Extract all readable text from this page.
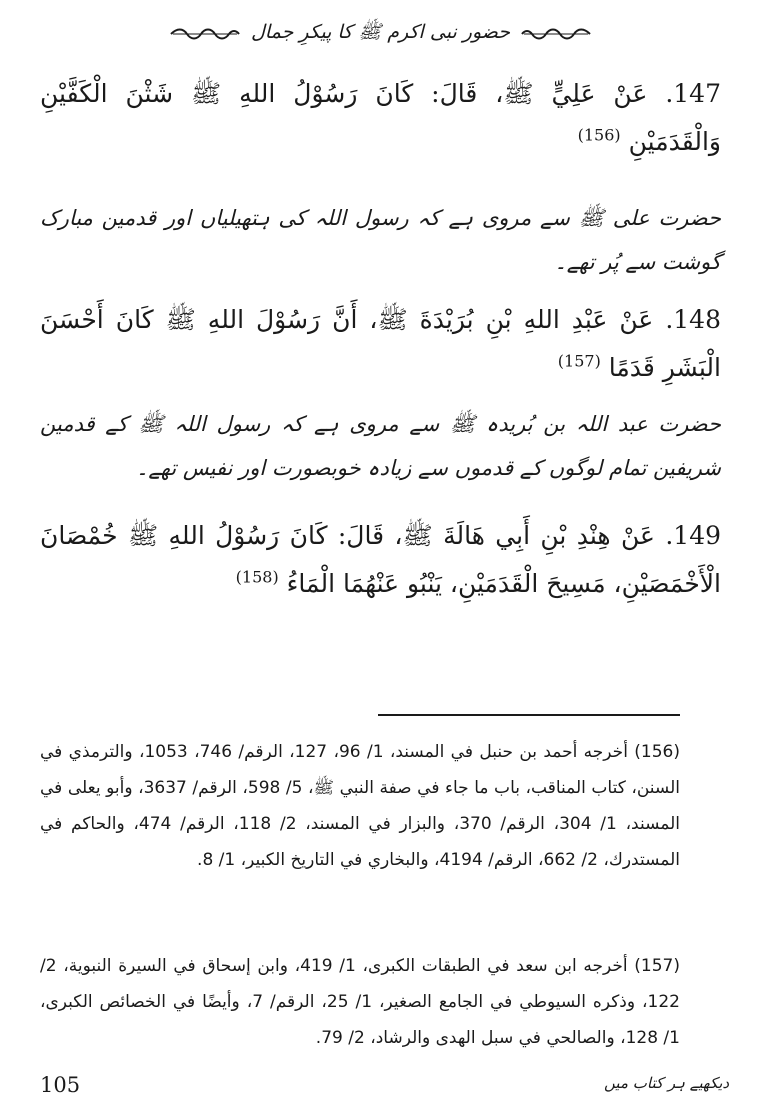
حضور نبی اکرم ﷺ کا پیکرِ جمال
147. عَنْ عَلِيٍّ ﷺ، قَالَ: كَانَ رَسُوْلُ اللهِ ﷺ شَثْنَ الْكَفَّيْنِ وَالْقَدَمَيْنِ $^{(156)}$
حضرت علی ﷺ سے مروی ہے کہ رسول اللہ کی ہتھیلیاں اور قدمین مبارک گوشت سے پُر تھے۔
148. عَنْ عَبْدِ اللهِ بْنِ بُرَيْدَةَ ﷺ، أَنَّ رَسُوْلَ اللهِ ﷺ كَانَ أَحْسَنَ الْبَشَرِ قَدَمًا $^{(157)}$
حضرت عبد اللہ بن بُریدہ ﷺ سے مروی ہے کہ رسول اللہ ﷺ کے قدمین شریفین تمام لوگوں کے قدموں سے زیادہ خوبصورت اور نفیس تھے۔
149. عَنْ هِنْدِ بْنِ أَبِي هَالَةَ ﷺ، قَالَ: كَانَ رَسُوْلُ اللهِ ﷺ خُمْصَانَ الْأَخْمَصَيْنِ، مَسِيحَ الْقَدَمَيْنِ، يَنْبُو عَنْهُمَا الْمَاءُ $^{(158)}$
(156) أخرجه أحمد بن حنبل في المسند، 1/ 96، 127، الرقم/ 746، 1053، والترمذي في السنن، كتاب المناقب، باب ما جاء في صفة النبي ﷺ، 5/ 598، الرقم/ 3637، وأبو يعلى في المسند، 1/ 304، الرقم/ 370، والبزار في المسند، 2/ 118، الرقم/ 474، والحاكم في المستدرك، 2/ 662، الرقم/ 4194، والبخاري في التاريخ الكبير، 1/ 8.
(157) أخرجه ابن سعد في الطبقات الكبرى، 1/ 419، وابن إسحاق في السيرة النبوية، 2/ 122، وذكره السيوطي في الجامع الصغير، 1/ 25، الرقم/ 7، وأيضًا في الخصائص الكبرى، 1/ 128، والصالحي في سبل الهدى والرشاد، 2/ 79.
105	دیکھیے ہر کتاب میں
